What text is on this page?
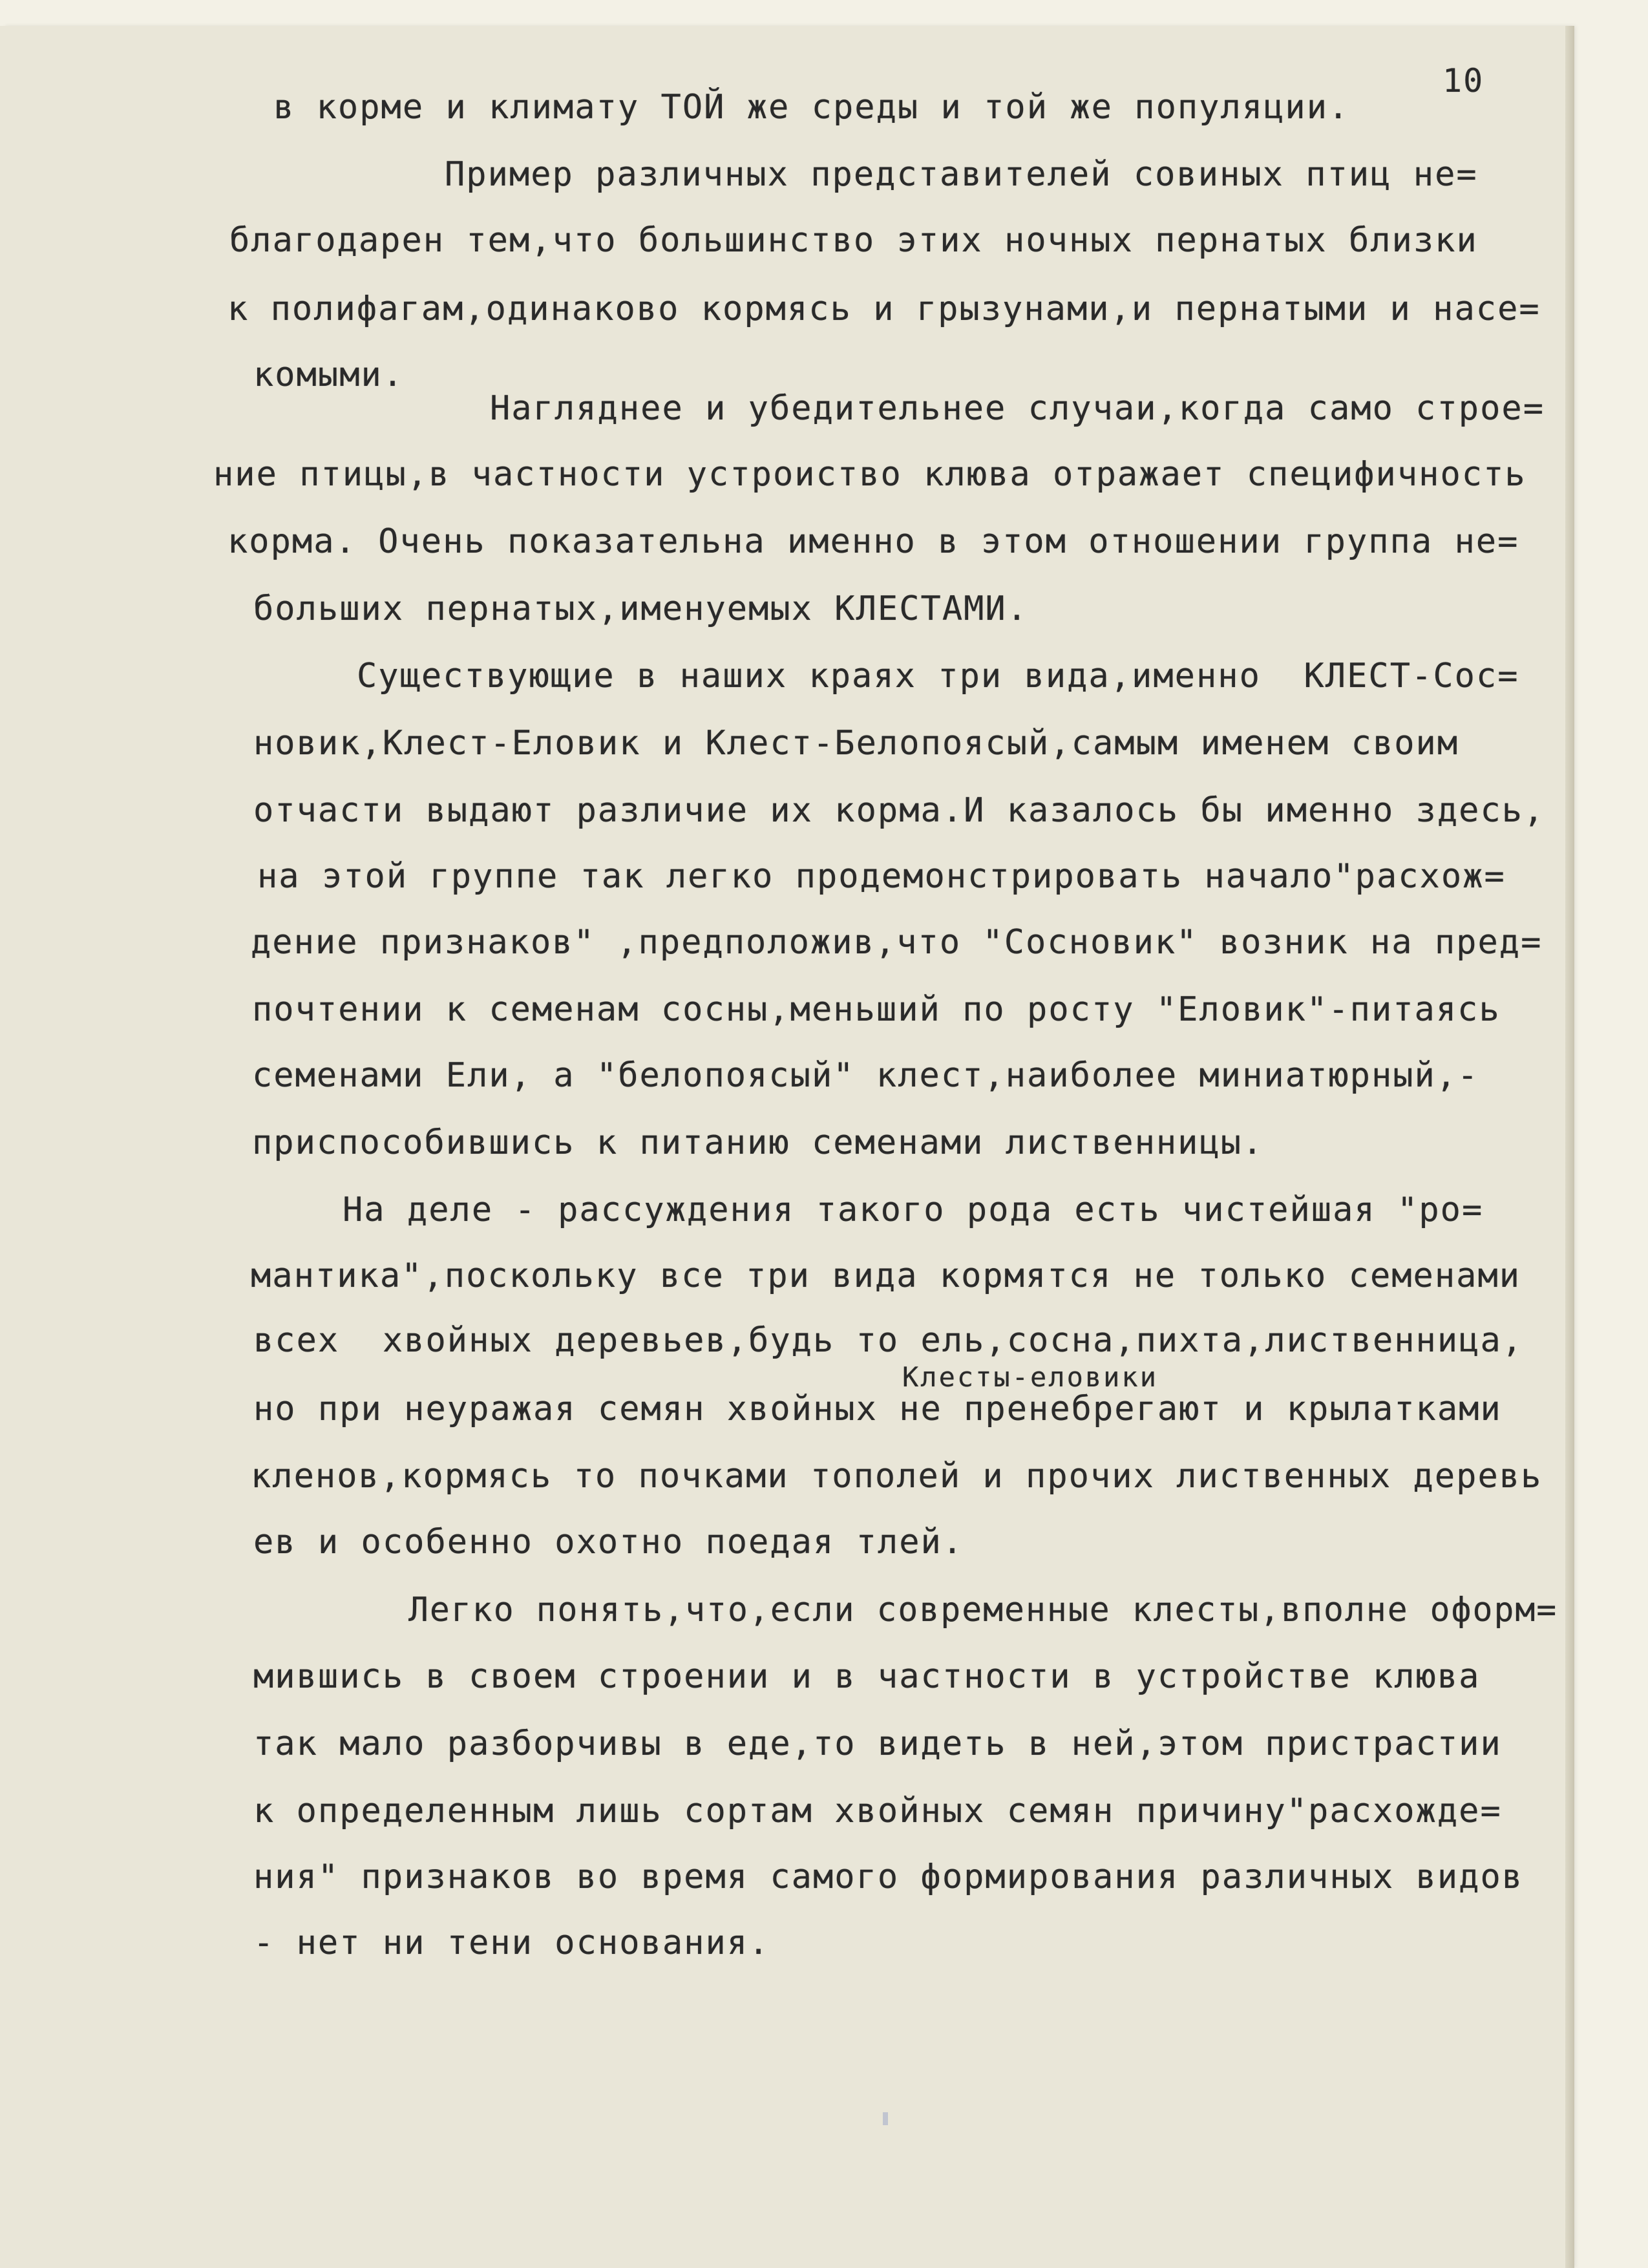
10
в корме и климату ТОЙ же среды и той же популяции.
Пример различных представителей совиных птиц не=
благодарен тем,что большинство этих ночных пернатых близки
к полифагам,одинаково кормясь и грызунами,и пернатыми и насе=
комыми.
Нагляднее и убедительнее случаи,когда само строе=
ние птицы,в частности устроиство клюва отражает специфичность
корма. Очень показательна именно в этом отношении группа не=
больших пернатых,именуемых КЛЕСТАМИ.
Существующие в наших краях три вида,именно  КЛЕСТ-Сос=
новик,Клест-Еловик и Клест-Белопоясый,самым именем своим
отчасти выдают различие их корма.И казалось бы именно здесь,
на этой группе так легко продемонстрировать начало"расхож=
дение признаков" ,предположив,что "Сосновик" возник на пред=
почтении к семенам сосны,меньший по росту "Еловик"-питаясь
семенами Ели, а "белопоясый" клест,наиболее миниатюрный,-
приспособившись к питанию семенами лиственницы.
На деле - рассуждения такого рода есть чистейшая "ро=
мантика",поскольку все три вида кормятся не только семенами
всех  хвойных деревьев,будь то ель,сосна,пихта,лиственница,
Клесты-еловики
но при неуражая семян хвойных не пренебрегают и крылатками
кленов,кормясь то почками тополей и прочих лиственных деревь
ев и особенно охотно поедая тлей.
Легко понять,что,если современные клесты,вполне оформ=
мившись в своем строении и в частности в устройстве клюва
так мало разборчивы в еде,то видеть в ней,этом пристрастии
к определенным лишь сортам хвойных семян причину"расхожде=
ния" признаков во время самого формирования различных видов
- нет ни тени основания.
